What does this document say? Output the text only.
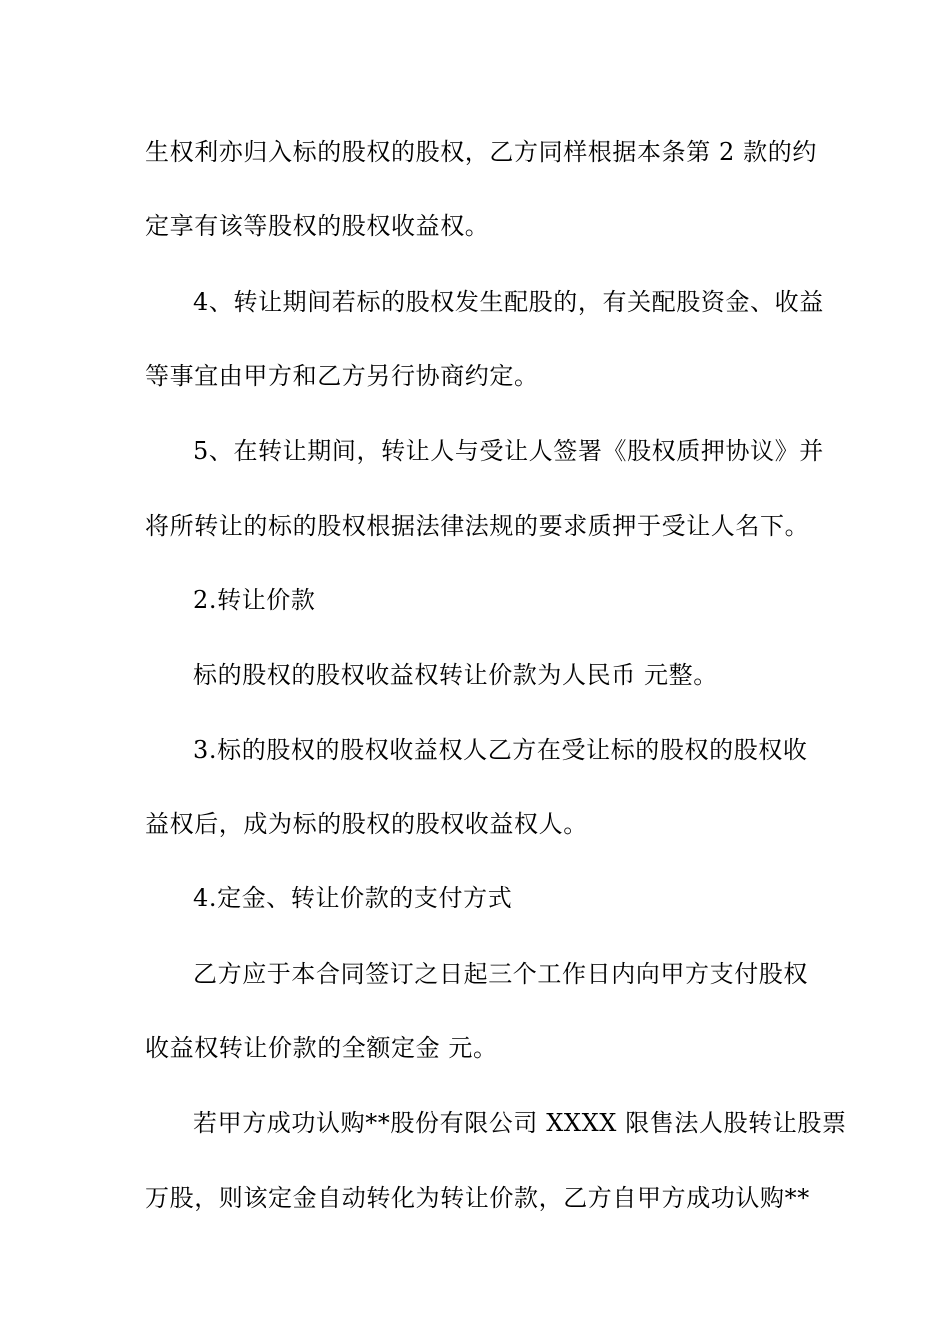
生权利亦归入标的股权的股权，乙方同样根据本条第 2 款的约
定享有该等股权的股权收益权。
4、转让期间若标的股权发生配股的，有关配股资金、收益
等事宜由甲方和乙方另行协商约定。
5、在转让期间，转让人与受让人签署《股权质押协议》并
将所转让的标的股权根据法律法规的要求质押于受让人名下。
2.转让价款
标的股权的股权收益权转让价款为人民币 元整。
3.标的股权的股权收益权人乙方在受让标的股权的股权收
益权后，成为标的股权的股权收益权人。
4.定金、转让价款的支付方式
乙方应于本合同签订之日起三个工作日内向甲方支付股权
收益权转让价款的全额定金 元。
若甲方成功认购**股份有限公司 XXXX 限售法人股转让股票
万股，则该定金自动转化为转让价款，乙方自甲方成功认购**
